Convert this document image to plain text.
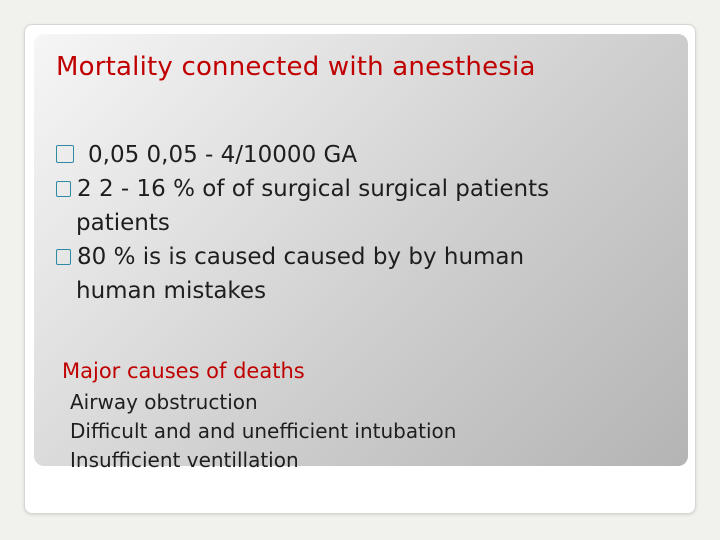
Mortality connected with anesthesia
0,05 0,05 - 4/10000 GA
2 2 - 16 % of of surgical surgical patients
patients
80 % is is caused caused by by human
human mistakes
Major causes of deaths
Airway obstruction
Difficult and and unefficient intubation
Insufficient ventillation
